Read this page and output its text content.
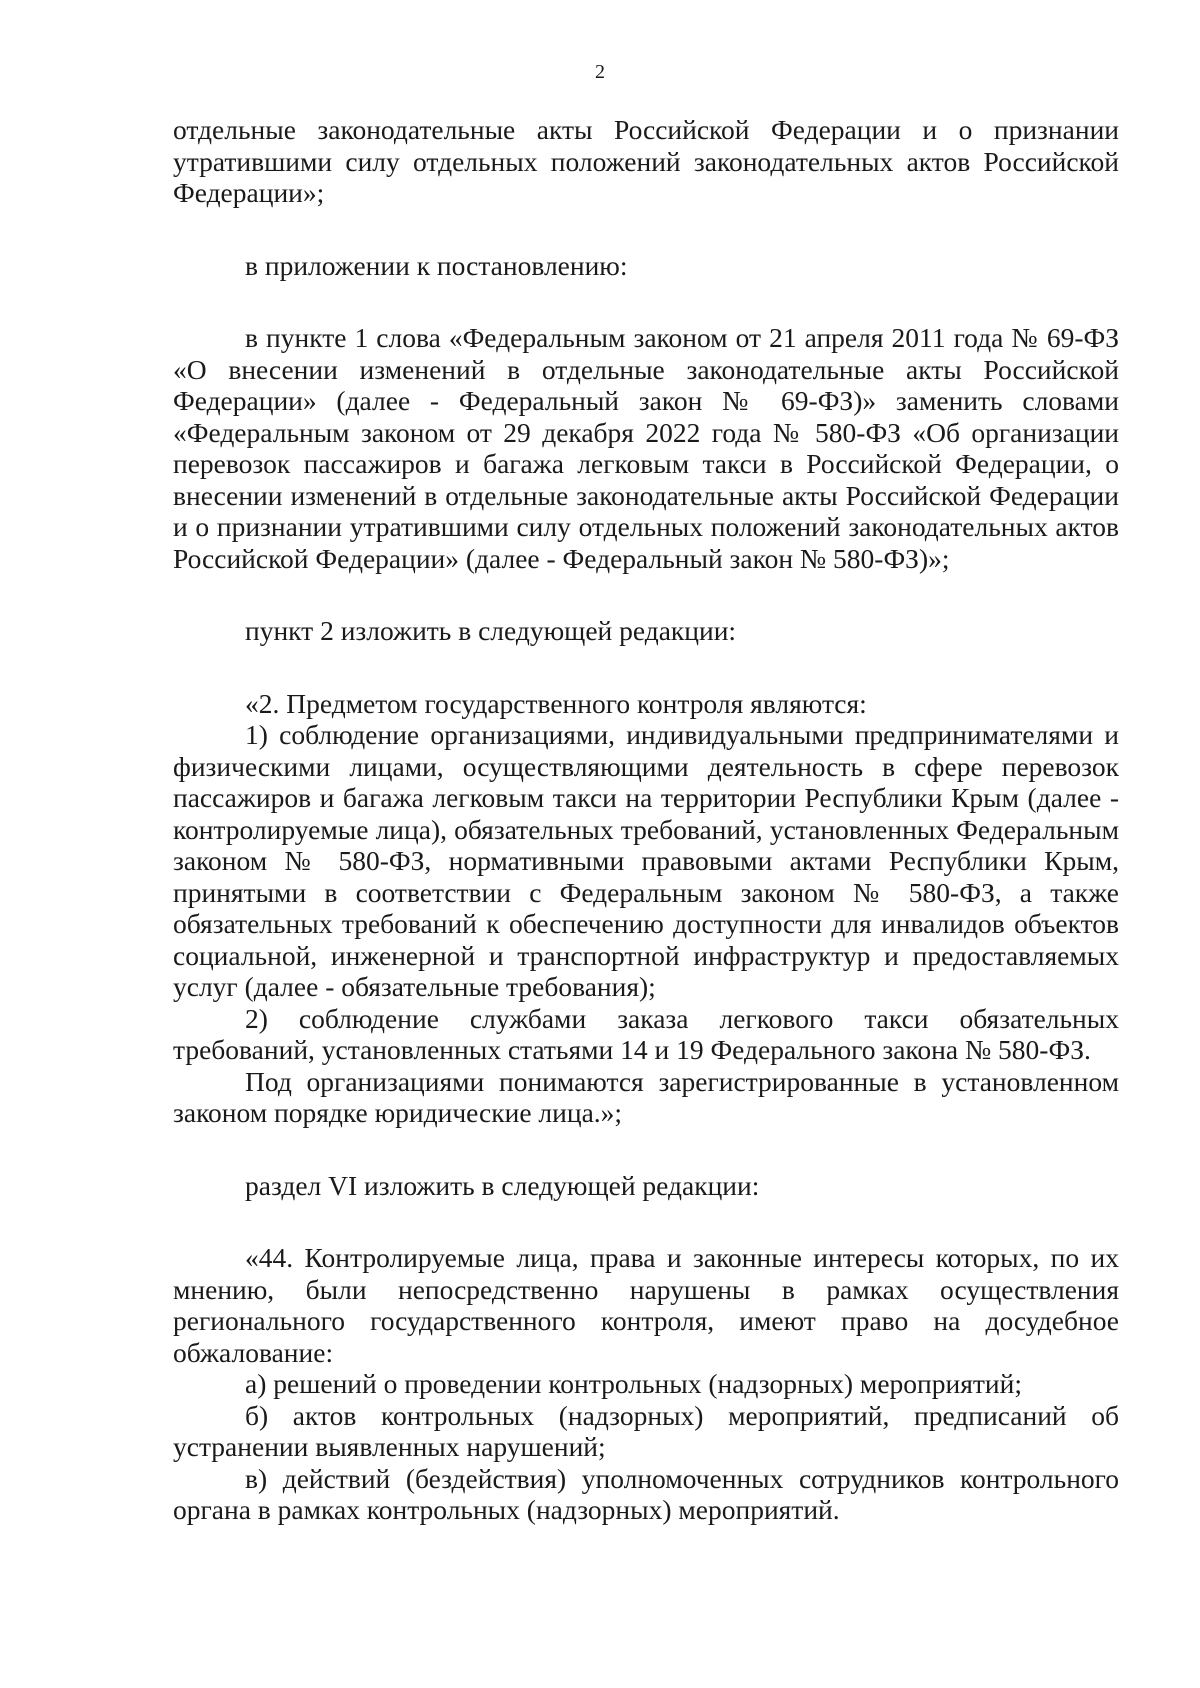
2

отдельные законодательные акты Российской Федерации и о признании утратившими силу отдельных положений законодательных актов Российской Федерации»;

в приложении к постановлению:

в пункте 1 слова «Федеральным законом от 21 апреля 2011 года № 69-ФЗ «О внесении изменений в отдельные законодательные акты Российской Федерации» (далее - Федеральный закон № 69-ФЗ)» заменить словами «Федеральным законом от 29 декабря 2022 года № 580-ФЗ «Об организации перевозок пассажиров и багажа легковым такси в Российской Федерации, о внесении изменений в отдельные законодательные акты Российской Федерации и о признании утратившими силу отдельных положений законодательных актов Российской Федерации» (далее - Федеральный закон № 580-ФЗ)»;

пункт 2 изложить в следующей редакции:

«2. Предметом государственного контроля являются:

1) соблюдение организациями, индивидуальными предпринимателями и физическими лицами, осуществляющими деятельность в сфере перевозок пассажиров и багажа легковым такси на территории Республики Крым (далее - контролируемые лица), обязательных требований, установленных Федеральным законом № 580-ФЗ, нормативными правовыми актами Республики Крым, принятыми в соответствии с Федеральным законом № 580-ФЗ, а также обязательных требований к обеспечению доступности для инвалидов объектов социальной, инженерной и транспортной инфраструктур и предоставляемых услуг (далее - обязательные требования);

2) соблюдение службами заказа легкового такси обязательных требований, установленных статьями 14 и 19 Федерального закона № 580-ФЗ.

Под организациями понимаются зарегистрированные в установленном законом порядке юридические лица.»;

раздел VI изложить в следующей редакции:

«44. Контролируемые лица, права и законные интересы которых, по их мнению, были непосредственно нарушены в рамках осуществления регионального государственного контроля, имеют право на досудебное обжалование:

а) решений о проведении контрольных (надзорных) мероприятий;

б) актов контрольных (надзорных) мероприятий, предписаний об устранении выявленных нарушений;

в) действий (бездействия) уполномоченных сотрудников контрольного органа в рамках контрольных (надзорных) мероприятий.
